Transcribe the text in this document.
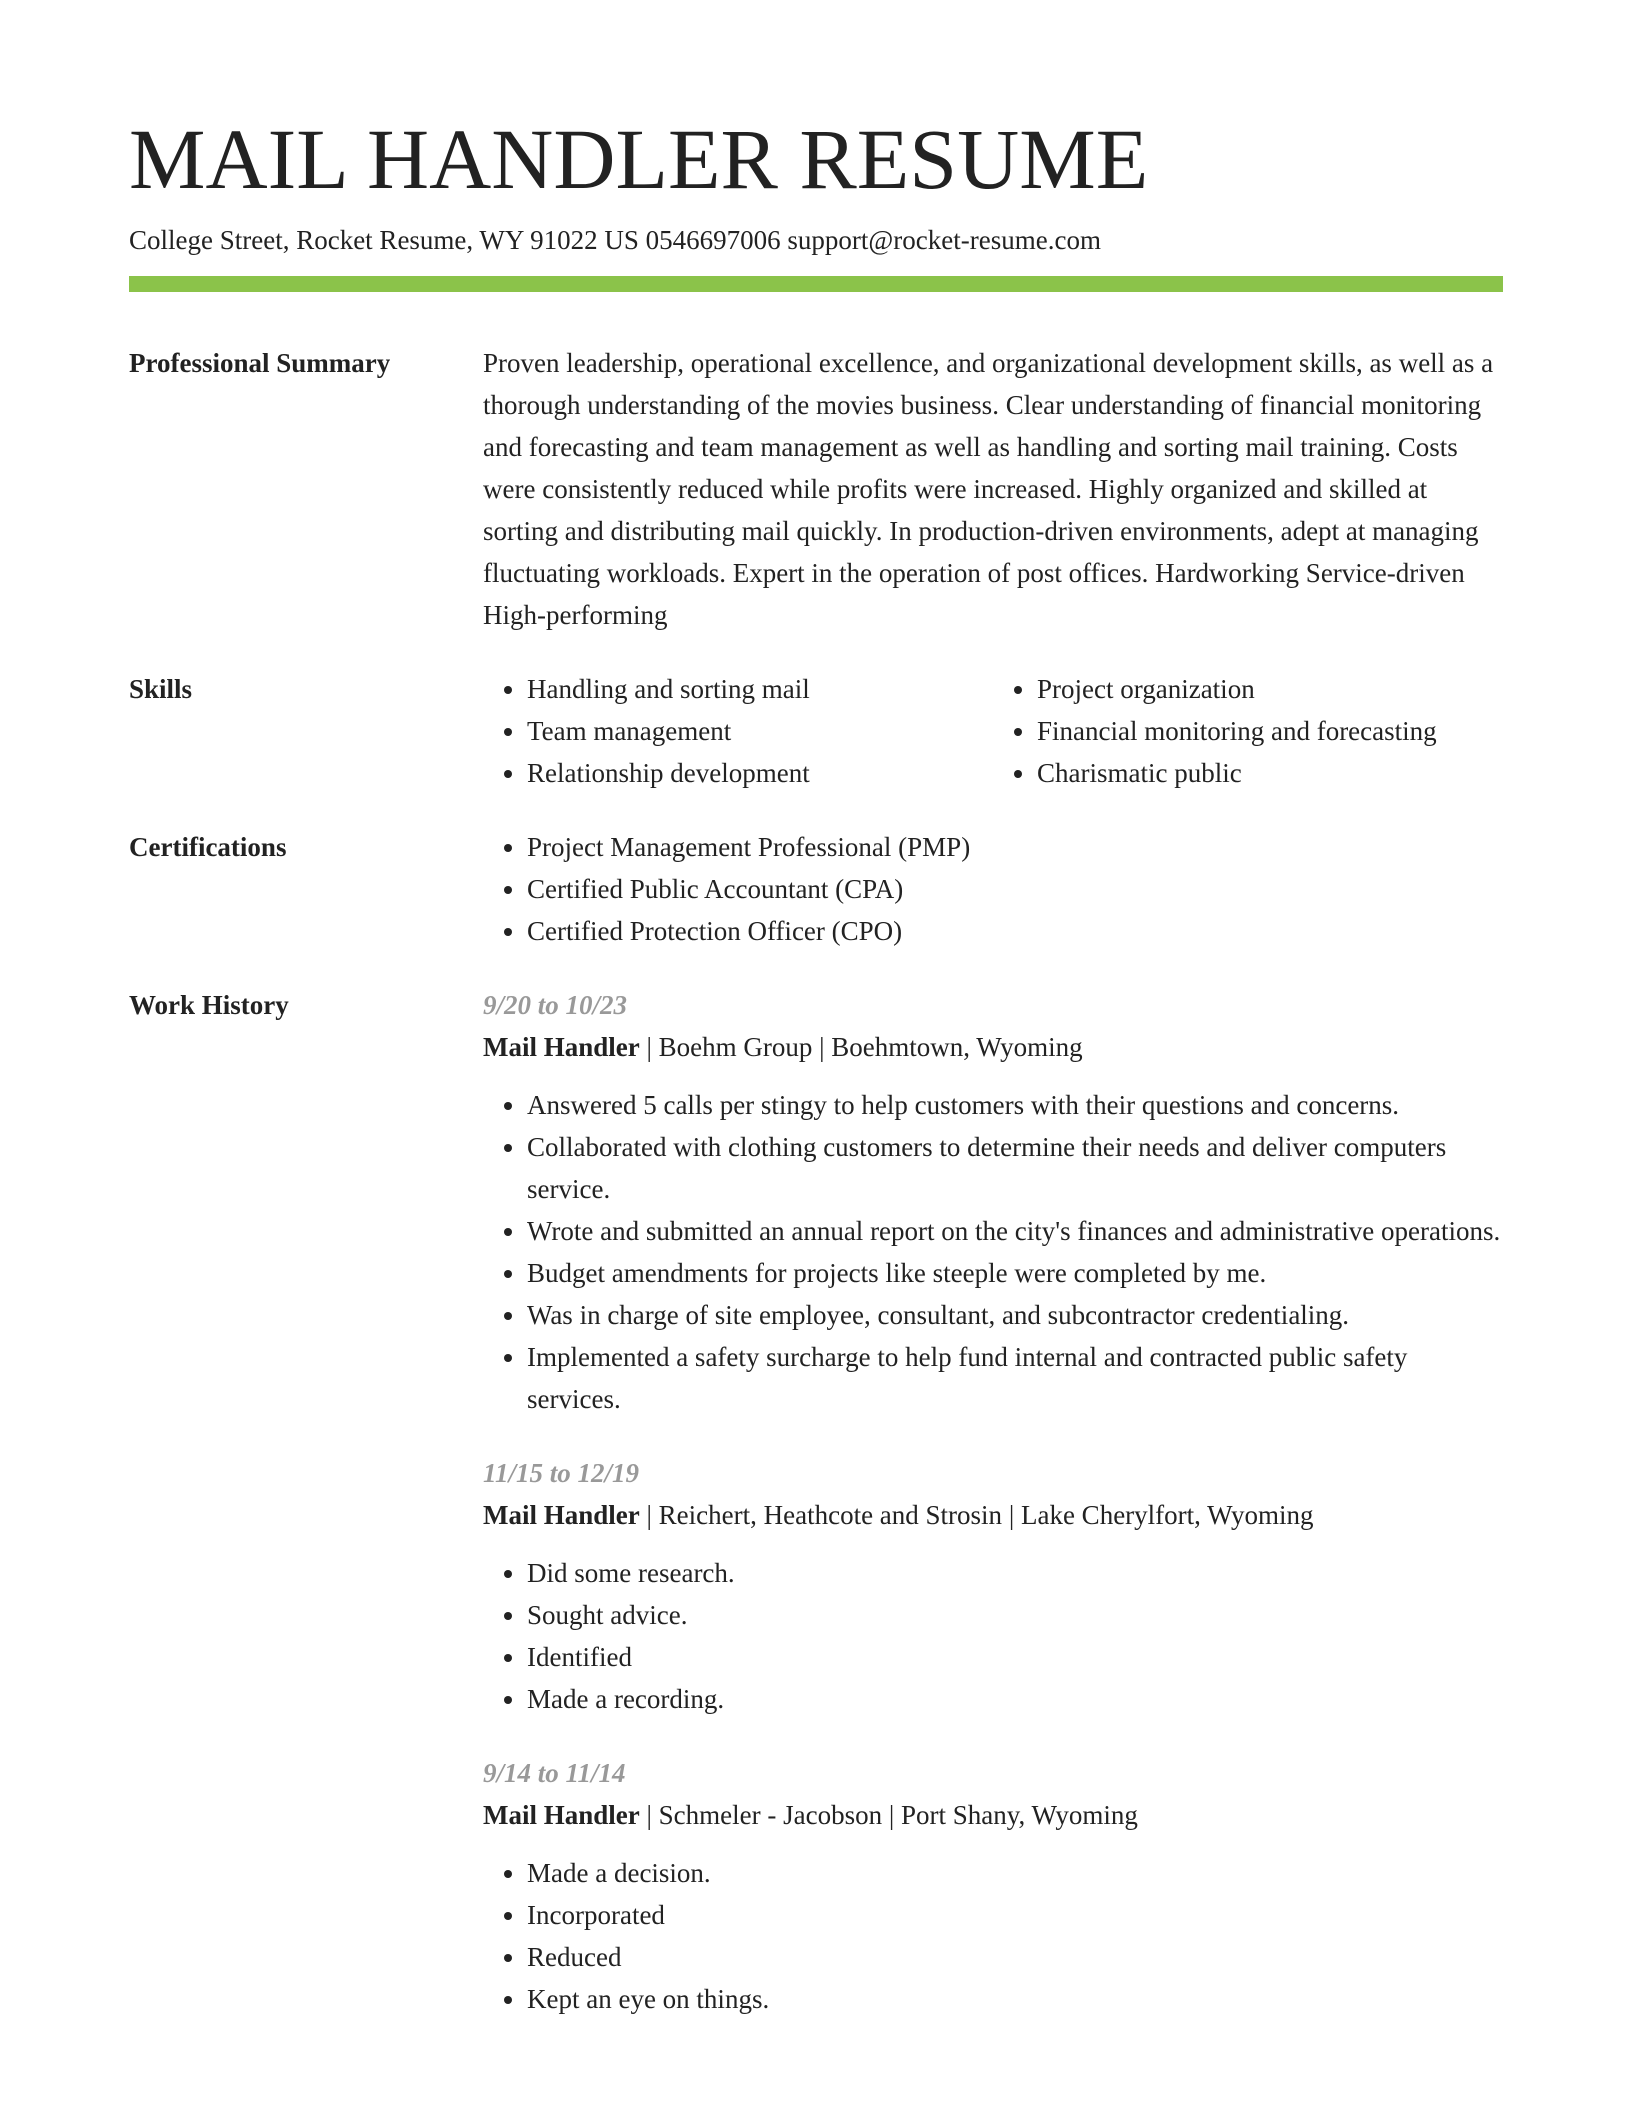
MAIL HANDLER RESUME
College Street, Rocket Resume, WY 91022 US 0546697006 support@rocket-resume.com
Professional Summary	Proven leadership, operational excellence, and organizational development skills, as well as a thorough understanding of the movies business. Clear understanding of financial monitoring and forecasting and team management as well as handling and sorting mail training. Costs were consistently reduced while profits were increased. Highly organized and skilled at sorting and distributing mail quickly. In production-driven environments, adept at managing fluctuating workloads. Expert in the operation of post offices. Hardworking Service-driven High-performing
Skills	• Handling and sorting mail
• Team management
• Relationship development
• Project organization
• Financial monitoring and forecasting
• Charismatic public
Certifications	• Project Management Professional (PMP)
• Certified Public Accountant (CPA)
• Certified Protection Officer (CPO)
Work History	9/20 to 10/23
Mail Handler | Boehm Group | Boehmtown, Wyoming
• Answered 5 calls per stingy to help customers with their questions and concerns.
• Collaborated with clothing customers to determine their needs and deliver computers service.
• Wrote and submitted an annual report on the city's finances and administrative operations.
• Budget amendments for projects like steeple were completed by me.
• Was in charge of site employee, consultant, and subcontractor credentialing.
• Implemented a safety surcharge to help fund internal and contracted public safety services.
11/15 to 12/19
Mail Handler | Reichert, Heathcote and Strosin | Lake Cherylfort, Wyoming
• Did some research.
• Sought advice.
• Identified
• Made a recording.
9/14 to 11/14
Mail Handler | Schmeler - Jacobson | Port Shany, Wyoming
• Made a decision.
• Incorporated
• Reduced
• Kept an eye on things.
